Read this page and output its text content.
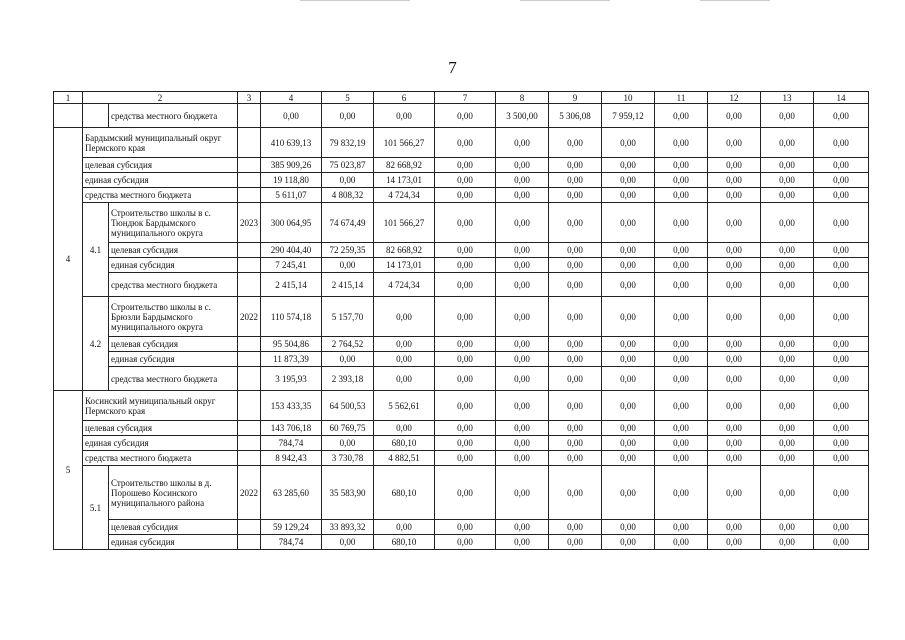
7
1	2		3	4	5	6	7	8	9	10	11	12	13	14
		средства местного бюджета		0,00	0,00	0,00	0,00	3 500,00	5 306,08	7 959,12	0,00	0,00	0,00	0,00
4	Бардымский муниципальный округ Пермского края			410 639,13	79 832,19	101 566,27	0,00	0,00	0,00	0,00	0,00	0,00	0,00	0,00
	целевая субсидия			385 909,26	75 023,87	82 668,92	0,00	0,00	0,00	0,00	0,00	0,00	0,00	0,00
	единая субсидия			19 118,80	0,00	14 173,01	0,00	0,00	0,00	0,00	0,00	0,00	0,00	0,00
	средства местного бюджета			5 611,07	4 808,32	4 724,34	0,00	0,00	0,00	0,00	0,00	0,00	0,00	0,00
	4.1	Строительство школы в с. Тюндюк Бардымского муниципального округа	2023	300 064,95	74 674,49	101 566,27	0,00	0,00	0,00	0,00	0,00	0,00	0,00	0,00
		целевая субсидия		290 404,40	72 259,35	82 668,92	0,00	0,00	0,00	0,00	0,00	0,00	0,00	0,00
		единая субсидия		7 245,41	0,00	14 173,01	0,00	0,00	0,00	0,00	0,00	0,00	0,00	0,00
		средства местного бюджета		2 415,14	2 415,14	4 724,34	0,00	0,00	0,00	0,00	0,00	0,00	0,00	0,00
	4.2	Строительство школы в с. Брюзли Бардымского муниципального округа	2022	110 574,18	5 157,70	0,00	0,00	0,00	0,00	0,00	0,00	0,00	0,00	0,00
		целевая субсидия		95 504,86	2 764,52	0,00	0,00	0,00	0,00	0,00	0,00	0,00	0,00	0,00
		единая субсидия		11 873,39	0,00	0,00	0,00	0,00	0,00	0,00	0,00	0,00	0,00	0,00
		средства местного бюджета		3 195,93	2 393,18	0,00	0,00	0,00	0,00	0,00	0,00	0,00	0,00	0,00
5	Косинский муниципальный округ Пермского края			153 433,35	64 500,53	5 562,61	0,00	0,00	0,00	0,00	0,00	0,00	0,00	0,00
	целевая субсидия			143 706,18	60 769,75	0,00	0,00	0,00	0,00	0,00	0,00	0,00	0,00	0,00
	единая субсидия			784,74	0,00	680,10	0,00	0,00	0,00	0,00	0,00	0,00	0,00	0,00
	средства местного бюджета			8 942,43	3 730,78	4 882,51	0,00	0,00	0,00	0,00	0,00	0,00	0,00	0,00
	5.1	Строительство школы в д. Порошево Косинского муниципального района	2022	63 285,60	35 583,90	680,10	0,00	0,00	0,00	0,00	0,00	0,00	0,00	0,00
		целевая субсидия		59 129,24	33 893,32	0,00	0,00	0,00	0,00	0,00	0,00	0,00	0,00	0,00
		единая субсидия		784,74	0,00	680,10	0,00	0,00	0,00	0,00	0,00	0,00	0,00	0,00
